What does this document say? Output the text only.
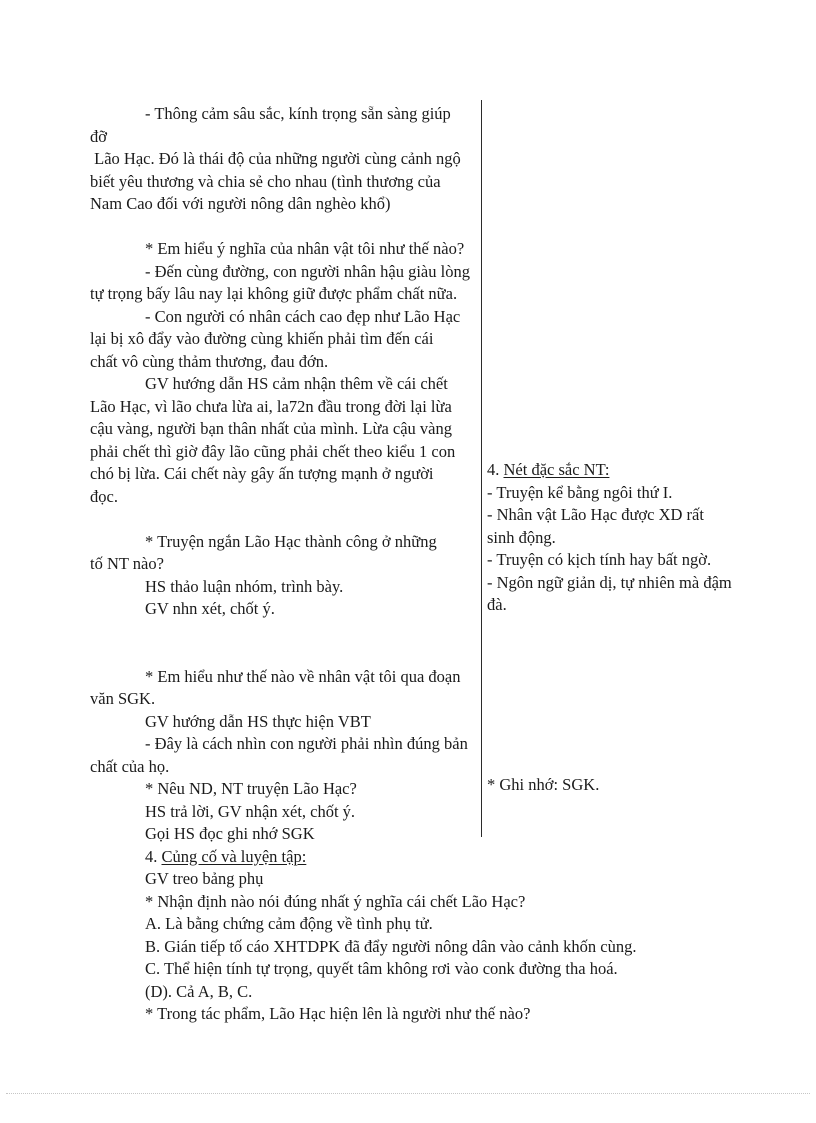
- Thông cảm sâu sắc, kính trọng sẵn sàng giúp
đỡ
Lão Hạc. Đó là thái độ của những người cùng cảnh ngộ
biết yêu thương và chia sẻ cho nhau (tình thương của
Nam Cao đối với người nông dân nghèo khổ)

* Em hiểu ý nghĩa của nhân vật tôi như thế nào?
- Đến cùng đường, con người nhân hậu giàu lòng
tự trọng bấy lâu nay lại không giữ được phẩm chất nữa.
- Con người có nhân cách cao đẹp như Lão Hạc
lại bị xô đẩy vào đường cùng khiến phải tìm đến cái
chất vô cùng thảm thương, đau đớn.
GV hướng dẫn HS cảm nhận thêm về cái chết
Lão Hạc, vì lão chưa lừa ai, la72n đầu trong đời lại lừa
cậu vàng, người bạn thân nhất của mình. Lừa cậu vàng
phải chết thì giờ đây lão cũng phải chết theo kiểu 1 con
chó bị lừa. Cái chết này gây ấn tượng mạnh ở người
đọc.

* Truyện ngắn Lão Hạc thành công ở những
tố NT nào?
HS thảo luận nhóm, trình bày.
GV nhn xét, chốt ý.

* Em hiểu như thế nào về nhân vật tôi qua đoạn
văn SGK.
GV hướng dẫn HS thực hiện VBT
- Đây là cách nhìn con người phải nhìn đúng bản
chất của họ.
* Nêu ND, NT truyện Lão Hạc?
HS trả lời, GV nhận xét, chốt ý.
Gọi HS đọc ghi nhớ SGK
4. Củng cố và luyện tập:
GV treo bảng phụ
* Nhận định nào nói đúng nhất ý nghĩa cái chết Lão Hạc?
A. Là bằng chứng cảm động về tình phụ tử.
B. Gián tiếp tố cáo XHTDPK đã đẩy người nông dân vào cảnh khốn cùng.
C. Thể hiện tính tự trọng, quyết tâm không rơi vào conk đường tha hoá.
(D). Cả A, B, C.
* Trong tác phẩm, Lão Hạc hiện lên là người như thế nào?
4. Nét đặc sắc NT:
- Truyện kể bằng ngôi thứ I.
- Nhân vật Lão Hạc được XD rất
sinh động.
- Truyện có kịch tính hay bất ngờ.
- Ngôn ngữ giản dị, tự nhiên mà đậm
đà.
* Ghi nhớ: SGK.
